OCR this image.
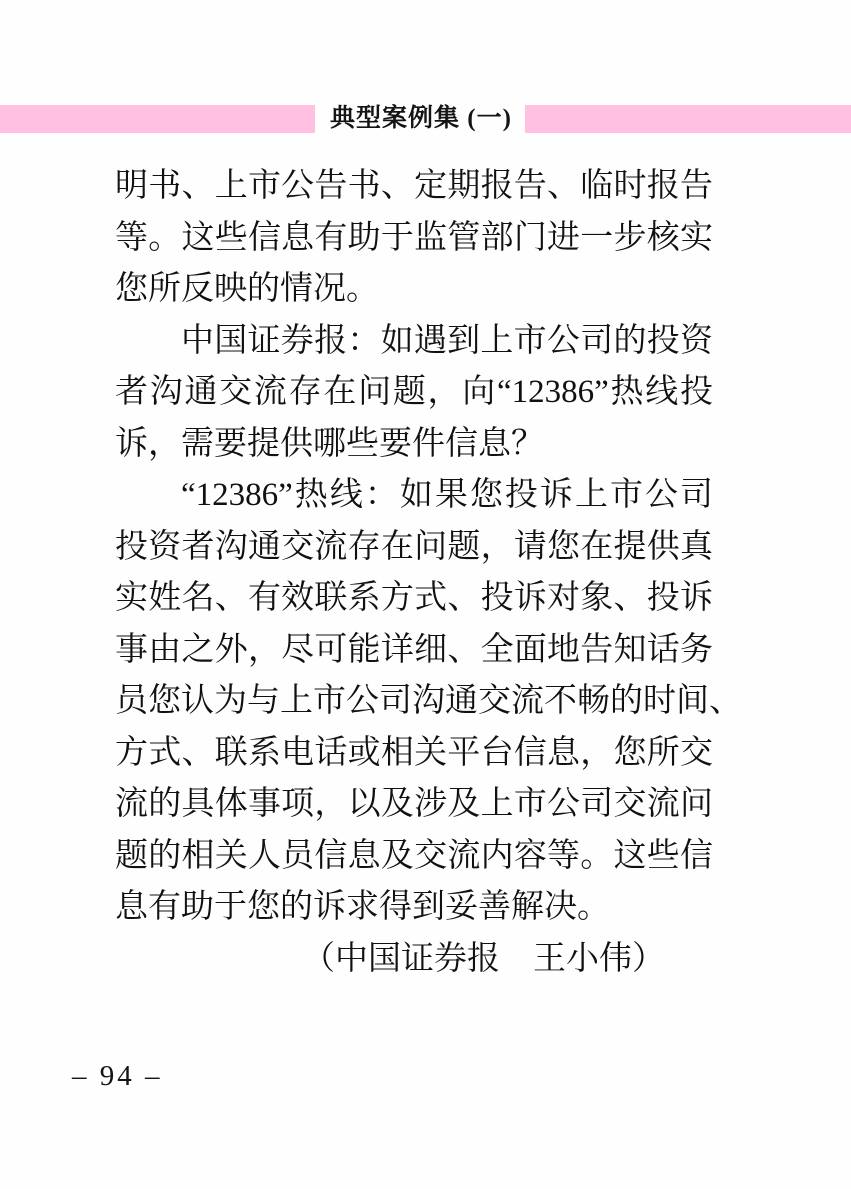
典型案例集 (一)
明书、上市公告书、定期报告、临时报告
等。这些信息有助于监管部门进一步核实
您所反映的情况。
中国证券报：如遇到上市公司的投资
者沟通交流存在问题，向“12386”热线投
诉，需要提供哪些要件信息？
“12386”热线：如果您投诉上市公司
投资者沟通交流存在问题，请您在提供真
实姓名、有效联系方式、投诉对象、投诉
事由之外，尽可能详细、全面地告知话务
员您认为与上市公司沟通交流不畅的时间、
方式、联系电话或相关平台信息，您所交
流的具体事项，以及涉及上市公司交流问
题的相关人员信息及交流内容等。这些信
息有助于您的诉求得到妥善解决。
（中国证券报　王小伟）
– 94 –
